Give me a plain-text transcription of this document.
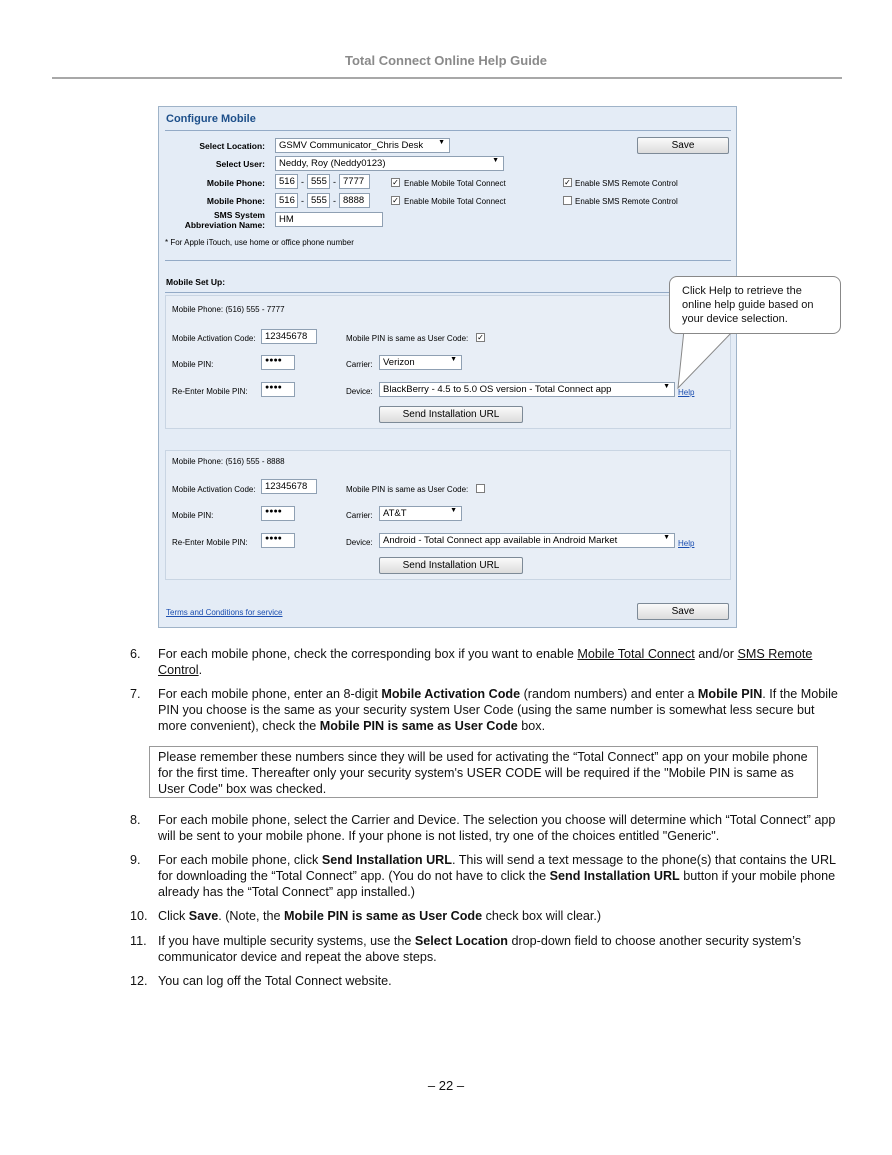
Total Connect Online Help Guide
Configure Mobile
Select Location:	GSMV Communicator_Chris Desk ▼	Save
Select User:	Neddy, Roy (Neddy0123)	▼
Mobile Phone:	516 - 555 - 7777	✓ Enable Mobile Total Connect	✓ Enable SMS Remote Control
Mobile Phone:	516 - 555 - 8888	✓ Enable Mobile Total Connect	Enable SMS Remote Control
SMS System Abbreviation Name:	HM
* For Apple iTouch, use home or office phone number
Mobile Set Up:
Mobile Phone: (516) 555 - 7777
Mobile Activation Code: 12345678	Mobile PIN is same as User Code: ✓
Mobile PIN:	●●●●	Carrier:	Verizon	▼
Re-Enter Mobile PIN:	●●●●	Device:	BlackBerry - 4.5 to 5.0 OS version - Total Connect app	▼
Help
Send Installation URL
Mobile Phone: (516) 555 - 8888
Mobile Activation Code: 12345678	Mobile PIN is same as User Code:
Mobile PIN:	●●●●	Carrier:	AT&T	▼
Re-Enter Mobile PIN:	●●●●	Device:	Android - Total Connect app available in Android Market	▼
Help
Send Installation URL
Terms and Conditions for service	Save
Click Help to retrieve the online help guide based on your device selection.
6.	For each mobile phone, check the corresponding box if you want to enable Mobile Total Connect and/or SMS Remote Control.
7.	For each mobile phone, enter an 8-digit Mobile Activation Code (random numbers) and enter a Mobile PIN. If the Mobile PIN you choose is the same as your security system User Code (using the same number is somewhat less secure but more convenient), check the Mobile PIN is same as User Code box.
8.	For each mobile phone, select the Carrier and Device. The selection you choose will determine which “Total Connect” app will be sent to your mobile phone. If your phone is not listed, try one of the choices entitled "Generic".
9.	For each mobile phone, click Send Installation URL. This will send a text message to the phone(s) that contains the URL for downloading the “Total Connect” app. (You do not have to click the Send Installation URL button if your mobile phone already has the “Total Connect” app installed.)
10. Click Save. (Note, the Mobile PIN is same as User Code check box will clear.)
11. If you have multiple security systems, use the Select Location drop-down field to choose another security system’s communicator device and repeat the above steps.
12. You can log off the Total Connect website.
Please remember these numbers since they will be used for activating the “Total Connect” app on your mobile phone for the first time. Thereafter only your security system's USER CODE will be required if the "Mobile PIN is same as User Code" box was checked.
– 22 –
